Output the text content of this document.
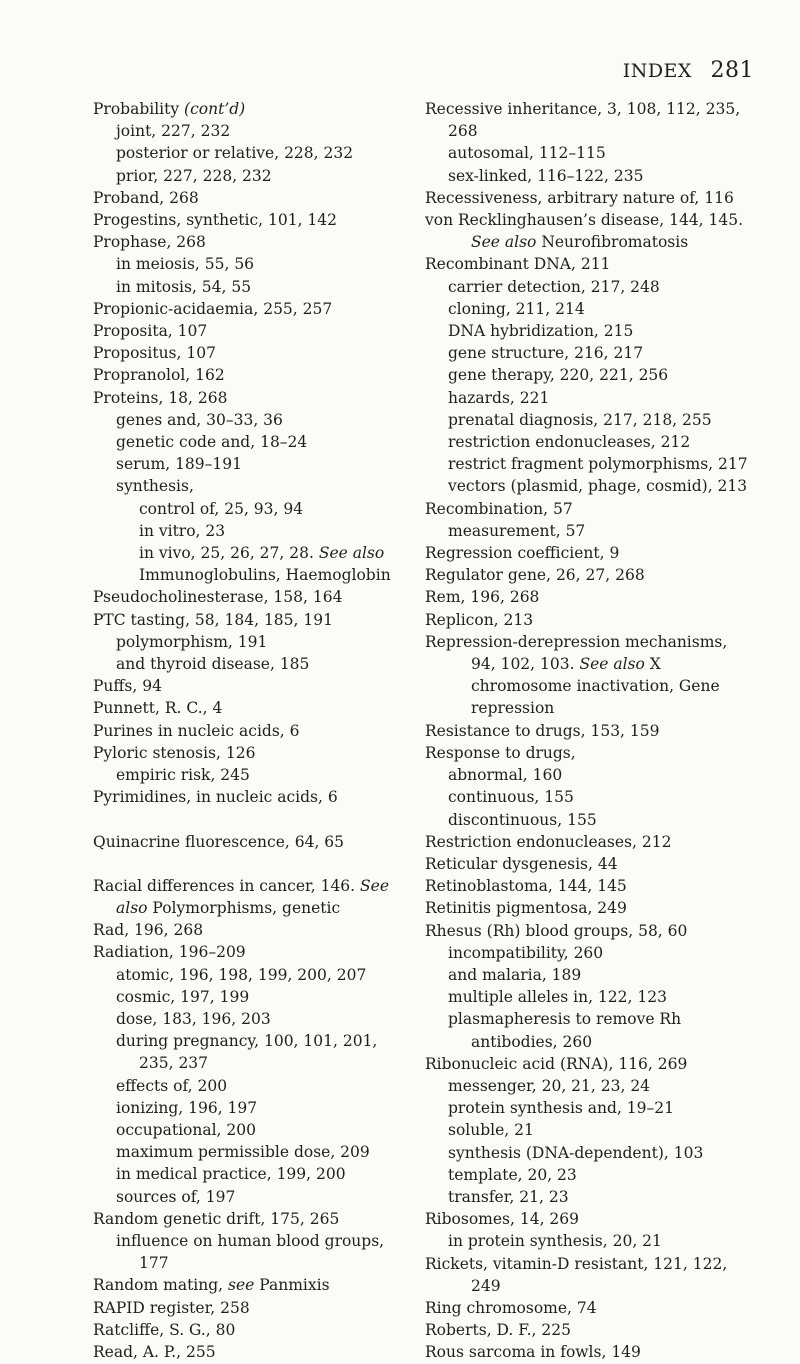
INDEX 281
Probability (cont’d)
joint, 227, 232
posterior or relative, 228, 232
prior, 227, 228, 232
Proband, 268
Progestins, synthetic, 101, 142
Prophase, 268
in meiosis, 55, 56
in mitosis, 54, 55
Propionic-acidaemia, 255, 257
Proposita, 107
Propositus, 107
Propranolol, 162
Proteins, 18, 268
genes and, 30–33, 36
genetic code and, 18–24
serum, 189–191
synthesis,
control of, 25, 93, 94
in vitro, 23
in vivo, 25, 26, 27, 28. See also
Immunoglobulins, Haemoglobin
Pseudocholinesterase, 158, 164
PTC tasting, 58, 184, 185, 191
polymorphism, 191
and thyroid disease, 185
Puffs, 94
Punnett, R. C., 4
Purines in nucleic acids, 6
Pyloric stenosis, 126
empiric risk, 245
Pyrimidines, in nucleic acids, 6
Quinacrine fluorescence, 64, 65
Racial differences in cancer, 146. See
also Polymorphisms, genetic
Rad, 196, 268
Radiation, 196–209
atomic, 196, 198, 199, 200, 207
cosmic, 197, 199
dose, 183, 196, 203
during pregnancy, 100, 101, 201,
235, 237
effects of, 200
ionizing, 196, 197
occupational, 200
maximum permissible dose, 209
in medical practice, 199, 200
sources of, 197
Random genetic drift, 175, 265
influence on human blood groups,
177
Random mating, see Panmixis
RAPID register, 258
Ratcliffe, S. G., 80
Read, A. P., 255
Recessive inheritance, 3, 108, 112, 235,
268
autosomal, 112–115
sex-linked, 116–122, 235
Recessiveness, arbitrary nature of, 116
von Recklinghausen’s disease, 144, 145.
See also Neurofibromatosis
Recombinant DNA, 211
carrier detection, 217, 248
cloning, 211, 214
DNA hybridization, 215
gene structure, 216, 217
gene therapy, 220, 221, 256
hazards, 221
prenatal diagnosis, 217, 218, 255
restriction endonucleases, 212
restrict fragment polymorphisms, 217
vectors (plasmid, phage, cosmid), 213
Recombination, 57
measurement, 57
Regression coefficient, 9
Regulator gene, 26, 27, 268
Rem, 196, 268
Replicon, 213
Repression-derepression mechanisms,
94, 102, 103. See also X
chromosome inactivation, Gene
repression
Resistance to drugs, 153, 159
Response to drugs,
abnormal, 160
continuous, 155
discontinuous, 155
Restriction endonucleases, 212
Reticular dysgenesis, 44
Retinoblastoma, 144, 145
Retinitis pigmentosa, 249
Rhesus (Rh) blood groups, 58, 60
incompatibility, 260
and malaria, 189
multiple alleles in, 122, 123
plasmapheresis to remove Rh
antibodies, 260
Ribonucleic acid (RNA), 116, 269
messenger, 20, 21, 23, 24
protein synthesis and, 19–21
soluble, 21
synthesis (DNA-dependent), 103
template, 20, 23
transfer, 21, 23
Ribosomes, 14, 269
in protein synthesis, 20, 21
Rickets, vitamin-D resistant, 121, 122,
249
Ring chromosome, 74
Roberts, D. F., 225
Rous sarcoma in fowls, 149
